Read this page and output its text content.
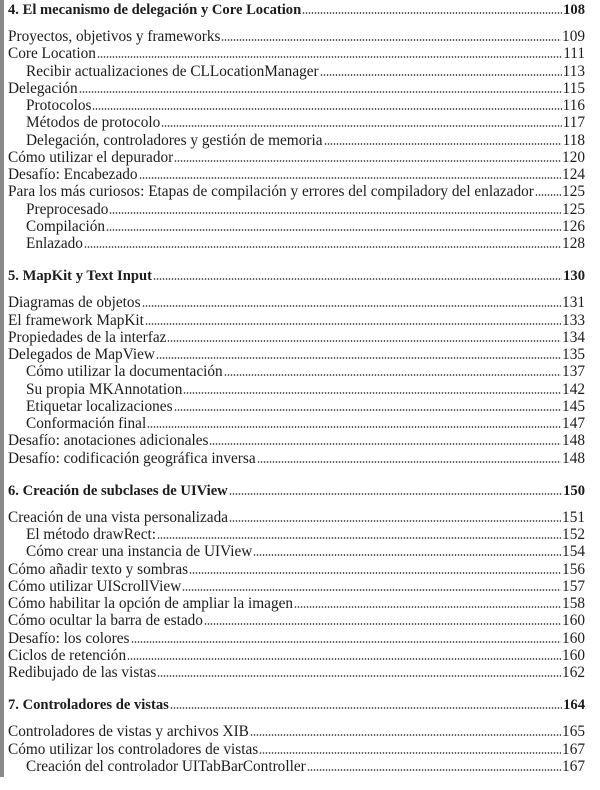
4. El mecanismo de delegación y Core Location	108
Proyectos, objetivos y frameworks	109
Core Location	111
Recibir actualizaciones de CLLocationManager	113
Delegación	115
Protocolos	116
Métodos de protocolo	117
Delegación, controladores y gestión de memoria	118
Cómo utilizar el depurador	120
Desafío: Encabezado	124
Para los más curiosos: Etapas de compilación y errores del compiladory del enlazador 125
Preprocesado	125
Compilación	126
Enlazado	128
5. MapKit y Text Input	130
Diagramas de objetos	131
El framework MapKit	133
Propiedades de la interfaz	134
Delegados de MapView	135
Cómo utilizar la documentación	137
Su propia MKAnnotation	142
Etiquetar localizaciones	145
Conformación final	147
Desafío: anotaciones adicionales	148
Desafío: codificación geográfica inversa	148
6. Creación de subclases de UIView	150
Creación de una vista personalizada	151
El método drawRect:	152
Cómo crear una instancia de UIView	154
Cómo añadir texto y sombras	156
Cómo utilizar UIScrollView	157
Cómo habilitar la opción de ampliar la imagen	158
Cómo ocultar la barra de estado	160
Desafío: los colores	160
Ciclos de retención	160
Redibujado de las vistas	162
7. Controladores de vistas	164
Controladores de vistas y archivos XIB	165
Cómo utilizar los controladores de vistas	167
Creación del controlador UITabBarController	167
